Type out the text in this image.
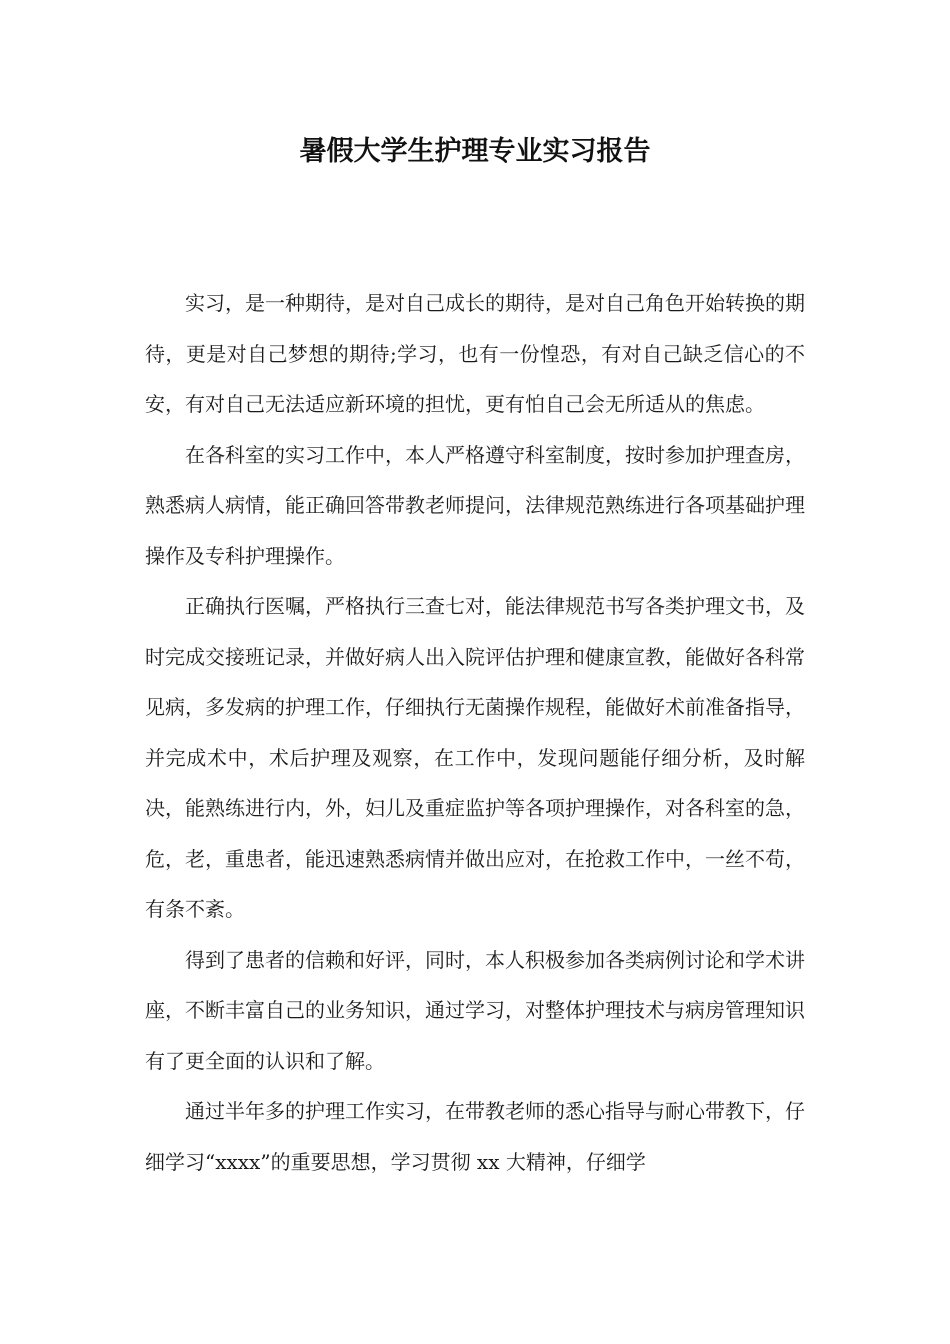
暑假大学生护理专业实习报告

实习，是一种期待，是对自己成长的期待，是对自己角色开始转换的期待，更是对自己梦想的期待;学习，也有一份惶恐，有对自己缺乏信心的不安，有对自己无法适应新环境的担忧，更有怕自己会无所适从的焦虑。

在各科室的实习工作中，本人严格遵守科室制度，按时参加护理查房，熟悉病人病情，能正确回答带教老师提问，法律规范熟练进行各项基础护理操作及专科护理操作。

正确执行医嘱，严格执行三查七对，能法律规范书写各类护理文书，及时完成交接班记录，并做好病人出入院评估护理和健康宣教，能做好各科常见病，多发病的护理工作，仔细执行无菌操作规程，能做好术前准备指导，并完成术中，术后护理及观察，在工作中，发现问题能仔细分析，及时解决，能熟练进行内，外，妇儿及重症监护等各项护理操作，对各科室的急，危，老，重患者，能迅速熟悉病情并做出应对，在抢救工作中，一丝不苟，有条不紊。

得到了患者的信赖和好评，同时，本人积极参加各类病例讨论和学术讲座，不断丰富自己的业务知识，通过学习，对整体护理技术与病房管理知识有了更全面的认识和了解。

通过半年多的护理工作实习，在带教老师的悉心指导与耐心带教下，仔细学习“xxxx”的重要思想，学习贯彻 xx 大精神，仔细学
